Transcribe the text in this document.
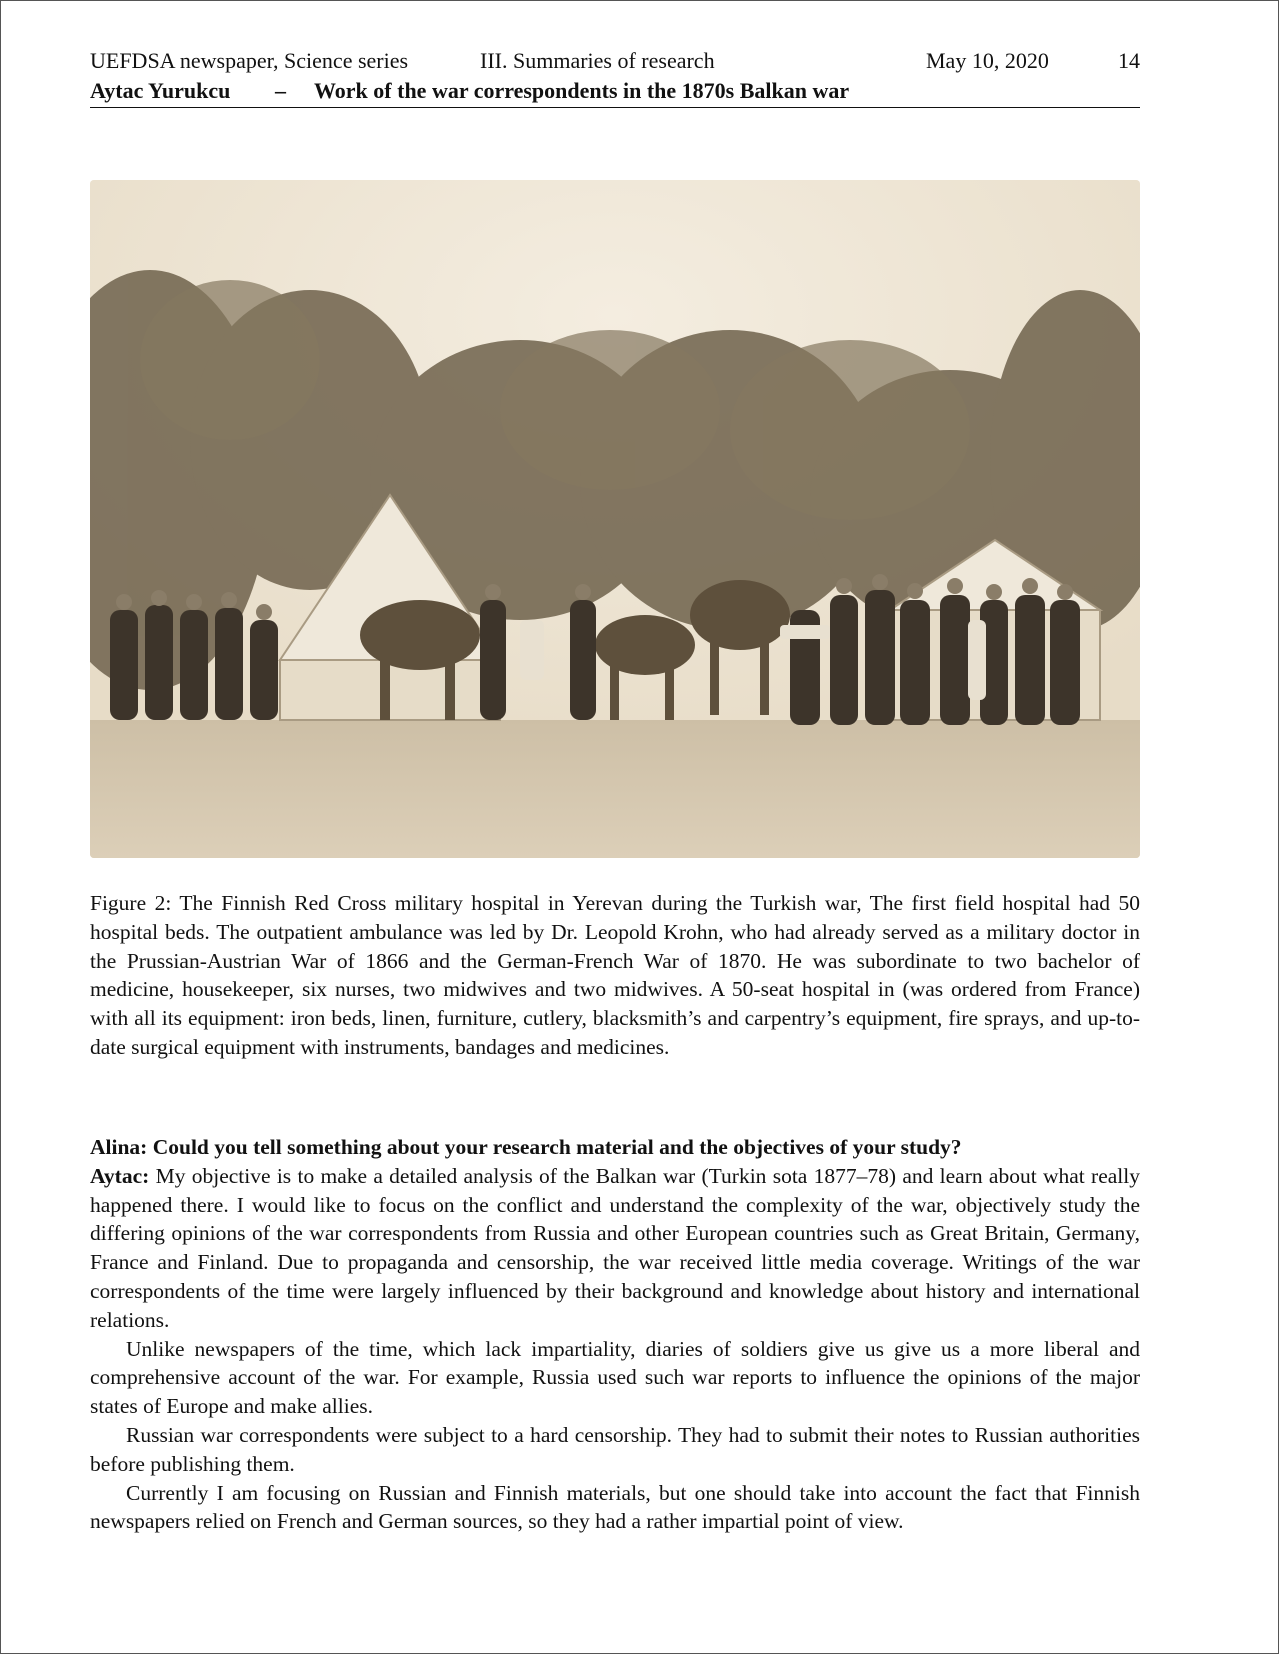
UEFDSA newspaper, Science series	III. Summaries of research	May 10, 2020	14
Aytac Yurukcu – Work of the war correspondents in the 1870s Balkan war

Figure 2: The Finnish Red Cross military hospital in Yerevan during the Turkish war, The first field hospital had 50 hospital beds. The outpatient ambulance was led by Dr. Leopold Krohn, who had already served as a military doctor in the Prussian-Austrian War of 1866 and the German-French War of 1870. He was subordinate to two bachelor of medicine, housekeeper, six nurses, two midwives and two midwives. A 50-seat hospital in (was ordered from France) with all its equipment: iron beds, linen, furniture, cutlery, blacksmith’s and carpentry’s equipment, fire sprays, and up-to-date surgical equipment with instruments, bandages and medicines.

Alina: Could you tell something about your research material and the objectives of your study?

Aytac: My objective is to make a detailed analysis of the Balkan war (Turkin sota 1877–78) and learn about what really happened there. I would like to focus on the conflict and understand the complexity of the war, objectively study the differing opinions of the war correspondents from Russia and other European countries such as Great Britain, Germany, France and Finland. Due to propaganda and censorship, the war received little media coverage. Writings of the war correspondents of the time were largely influenced by their background and knowledge about history and international relations.

Unlike newspapers of the time, which lack impartiality, diaries of soldiers give us give us a more liberal and comprehensive account of the war. For example, Russia used such war reports to influence the opinions of the major states of Europe and make allies.

Russian war correspondents were subject to a hard censorship. They had to submit their notes to Russian authorities before publishing them.

Currently I am focusing on Russian and Finnish materials, but one should take into account the fact that Finnish newspapers relied on French and German sources, so they had a rather impartial point of view.
